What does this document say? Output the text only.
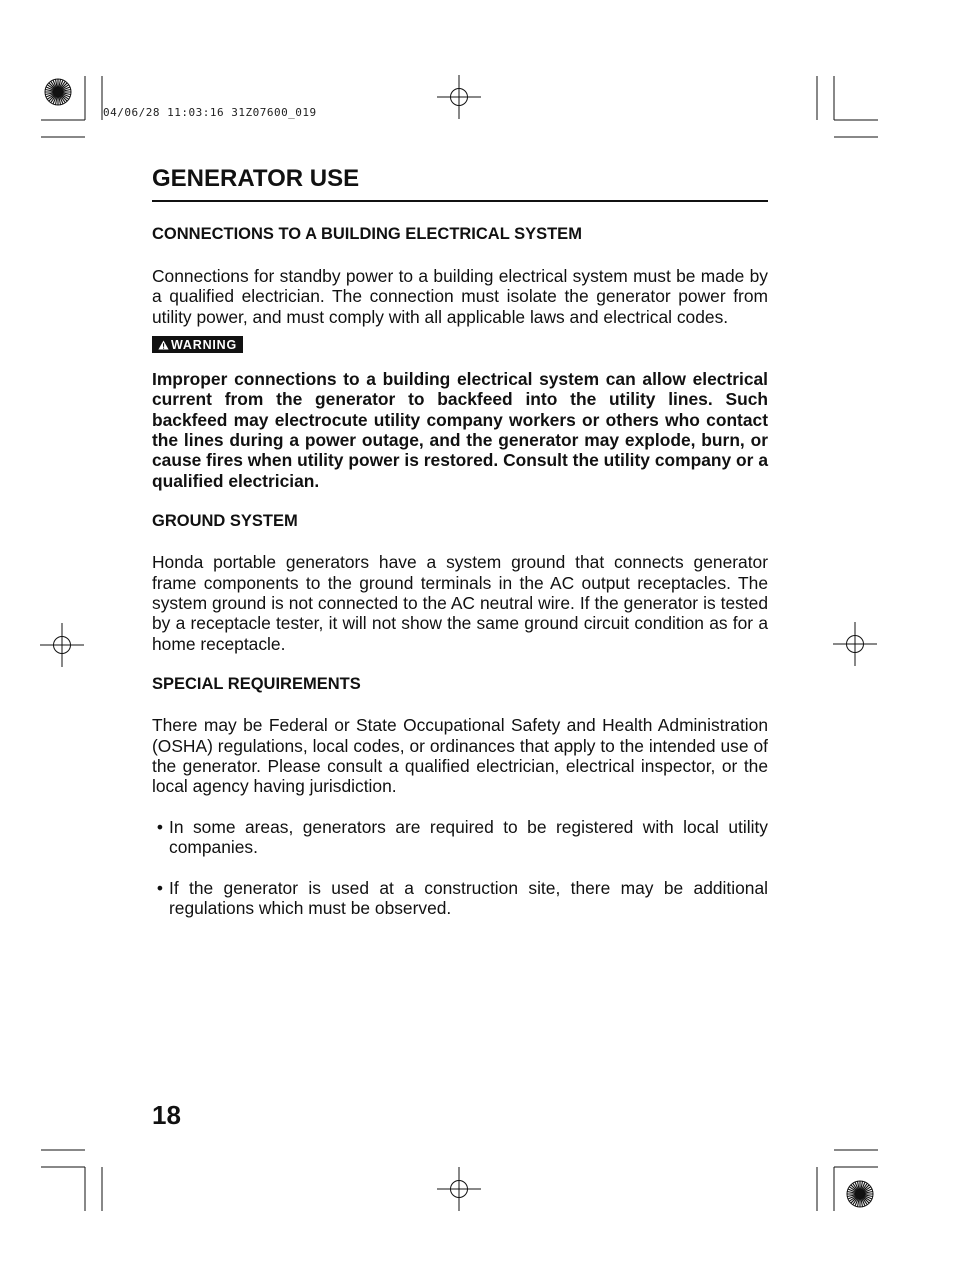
04/06/28 11:03:16 31Z07600_019
GENERATOR USE
CONNECTIONS TO A BUILDING ELECTRICAL SYSTEM

Connections for standby power to a building electrical system must be made by a qualified electrician. The connection must isolate the generator power from utility power, and must comply with all applicable laws and electrical codes.

WARNING

Improper connections to a building electrical system can allow electrical current from the generator to backfeed into the utility lines. Such backfeed may electrocute utility company workers or others who contact the lines during a power outage, and the generator may explode, burn, or cause fires when utility power is restored. Consult the utility company or a qualified electrician.

GROUND SYSTEM

Honda portable generators have a system ground that connects generator frame components to the ground terminals in the AC output receptacles. The system ground is not connected to the AC neutral wire. If the generator is tested by a receptacle tester, it will not show the same ground circuit condition as for a home receptacle.

SPECIAL REQUIREMENTS

There may be Federal or State Occupational Safety and Health Administration (OSHA) regulations, local codes, or ordinances that apply to the intended use of the generator. Please consult a qualified electrician, electrical inspector, or the local agency having jurisdiction.

• In some areas, generators are required to be registered with local utility companies.
• If the generator is used at a construction site, there may be additional regulations which must be observed.
18
